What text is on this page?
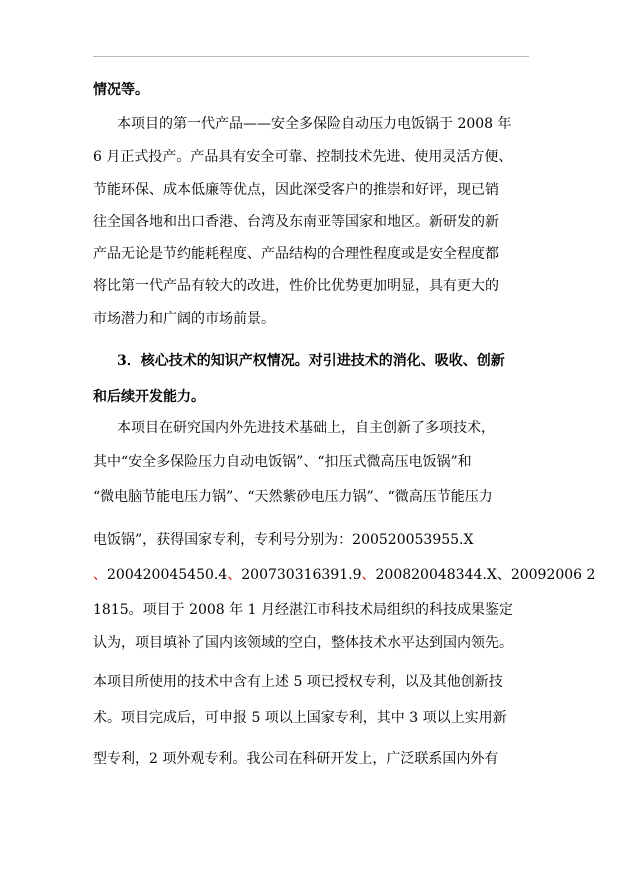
情况等。
本项目的第一代产品——安全多保险自动压力电饭锅于 2008 年
6 月正式投产。产品具有安全可靠、控制技术先进、使用灵活方便、
节能环保、成本低廉等优点，因此深受客户的推崇和好评，现已销
往全国各地和出口香港、台湾及东南亚等国家和地区。新研发的新
产品无论是节约能耗程度、产品结构的合理性程度或是安全程度都
将比第一代产品有较大的改进，性价比优势更加明显，具有更大的
市场潜力和广阔的市场前景。
3．核心技术的知识产权情况。对引进技术的消化、吸收、创新
和后续开发能力。
本项目在研究国内外先进技术基础上，自主创新了多项技术，
其中“安全多保险压力自动电饭锅”、“扣压式微高压电饭锅”和
“微电脑节能电压力锅”、“天然紫砂电压力锅”、“微高压节能压力
电饭锅”，获得国家专利，专利号分别为：200520053955.X
、200420045450.4、200730316391.9、200820048344.X、20092006 2
1815。项目于 2008 年 1 月经湛江市科技术局组织的科技成果鉴定
认为，项目填补了国内该领域的空白，整体技术水平达到国内领先。
本项目所使用的技术中含有上述 5 项已授权专利，以及其他创新技
术。项目完成后，可申报 5 项以上国家专利，其中 3 项以上实用新
型专利，2 项外观专利。我公司在科研开发上，广泛联系国内外有
